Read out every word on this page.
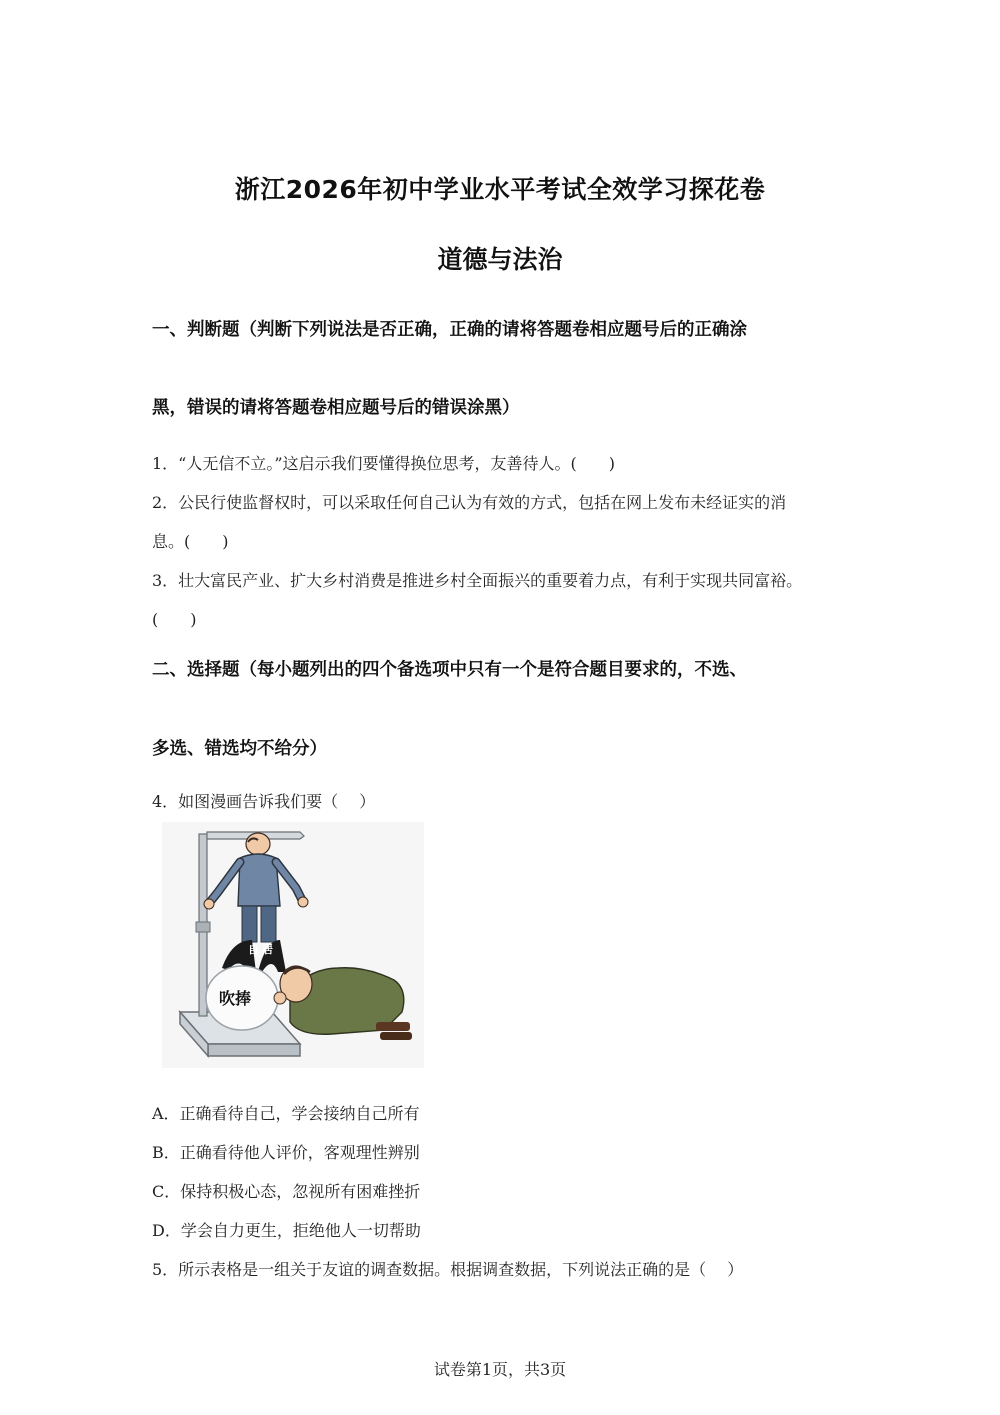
浙江2026年初中学业水平考试全效学习探花卷
道德与法治
一、判断题（判断下列说法是否正确，正确的请将答题卷相应题号后的正确涂
黑，错误的请将答题卷相应题号后的错误涂黑）
1．“人无信不立。”这启示我们要懂得换位思考，友善待人。(　　)
2．公民行使监督权时，可以采取任何自己认为有效的方式，包括在网上发布未经证实的消
息。(　　)
3．壮大富民产业、扩大乡村消费是推进乡村全面振兴的重要着力点，有利于实现共同富裕。
(　　)
二、选择题（每小题列出的四个备选项中只有一个是符合题目要求的，不选、
多选、错选均不给分）
4．如图漫画告诉我们要（　 ）
自 居
吹捧
A．正确看待自己，学会接纳自己所有
B．正确看待他人评价，客观理性辨别
C．保持积极心态，忽视所有困难挫折
D．学会自力更生，拒绝他人一切帮助
5．所示表格是一组关于友谊的调查数据。根据调查数据，下列说法正确的是（　 ）
试卷第1页，共3页
